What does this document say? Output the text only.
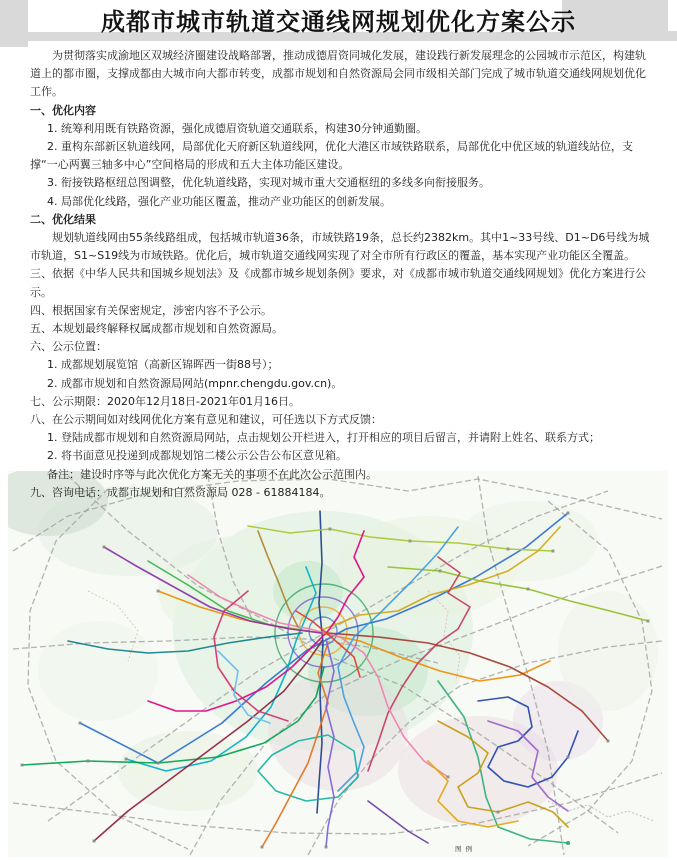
成都市城市轨道交通线网规划优化方案公示

为贯彻落实成渝地区双城经济圈建设战略部署，推动成德眉资同城化发展，建设践行新发展理念的公园城市示范区，构建轨道上的都市圈，支撑成都由大城市向大都市转变，成都市规划和自然资源局会同市级相关部门完成了城市轨道交通线网规划优化工作。

一、优化内容

1. 统筹利用既有铁路资源，强化成德眉资轨道交通联系，构建30分钟通勤圈。

2. 重构东部新区轨道线网，局部优化天府新区轨道线网，优化大港区市域铁路联系，局部优化中优区域的轨道线站位，支撑“一心两翼三轴多中心”空间格局的形成和五大主体功能区建设。

3. 衔接铁路枢纽总图调整，优化轨道线路，实现对城市重大交通枢纽的多线多向衔接服务。

4. 局部优化线路，强化产业功能区覆盖，推动产业功能区的创新发展。

二、优化结果

规划轨道线网由55条线路组成，包括城市轨道36条，市域铁路19条，总长约2382km。其中1~33号线、D1~D6号线为城市轨道，S1~S19线为市域铁路。优化后，城市轨道交通线网实现了对全市所有行政区的覆盖，基本实现产业功能区全覆盖。

三、依据《中华人民共和国城乡规划法》及《成都市城乡规划条例》要求，对《成都市城市轨道交通线网规划》优化方案进行公示。

四、根据国家有关保密规定，涉密内容不予公示。

五、本规划最终解释权属成都市规划和自然资源局。

六、公示位置：

1. 成都规划展览馆（高新区锦晖西一街88号）；

2. 成都市规划和自然资源局网站(mpnr.chengdu.gov.cn)。

七、公示期限：2020年12月18日-2021年01月16日。

八、在公示期间如对线网优化方案有意见和建议，可任选以下方式反馈：

1. 登陆成都市规划和自然资源局网站，点击规划公开栏进入，打开相应的项目后留言，并请附上姓名、联系方式；

2. 将书面意见投递到成都规划馆二楼公示公告公布区意见箱。

备注：建设时序等与此次优化方案无关的事项不在此次公示范围内。

九、咨询电话：成都市规划和自然资源局 028 - 61884184。

图 例
